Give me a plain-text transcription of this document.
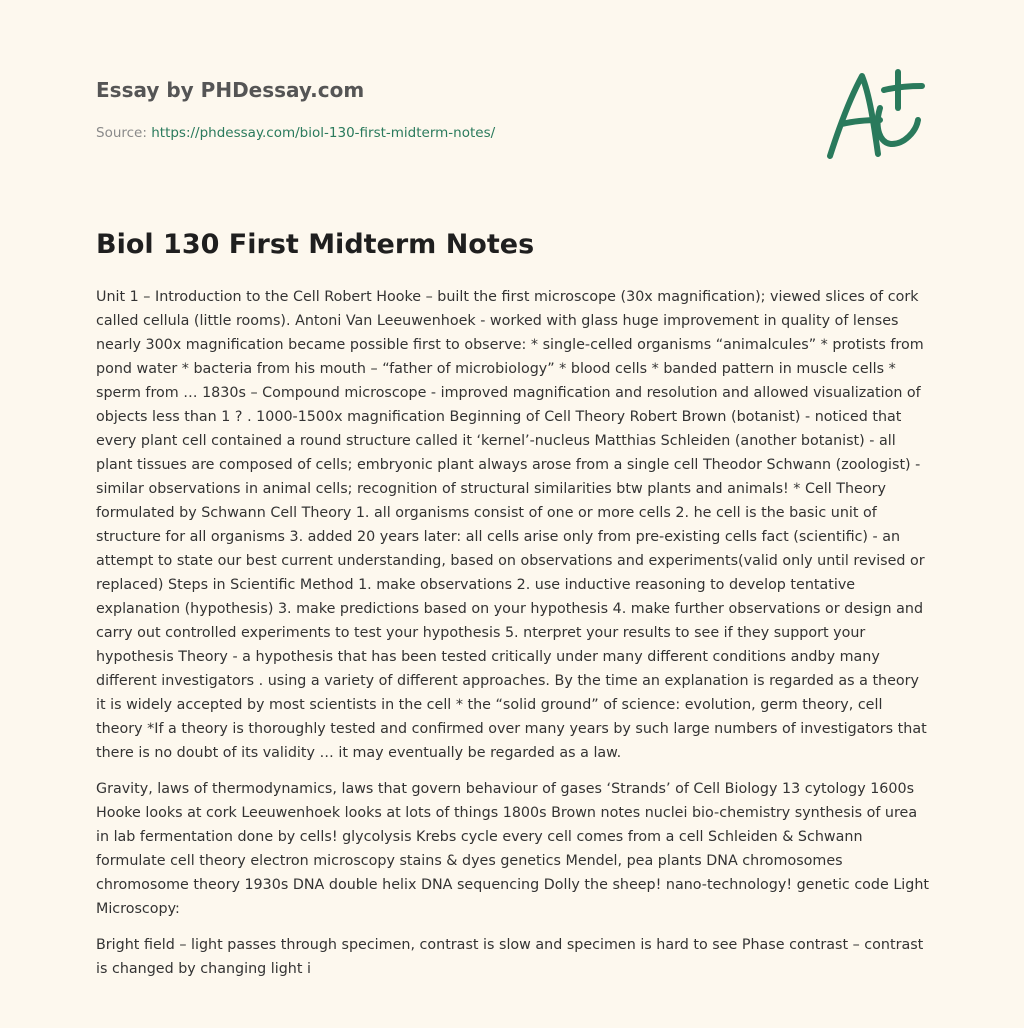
Essay by PHDessay.com
Source: https://phdessay.com/biol-130-first-midterm-notes/
Biol 130 First Midterm Notes

Unit 1 – Introduction to the Cell Robert Hooke – built the first microscope (30x magnification); viewed slices of cork called cellula (little rooms). Antoni Van Leeuwenhoek - worked with glass huge improvement in quality of lenses nearly 300x magnification became possible first to observe: * single-celled organisms “animalcules” * protists from pond water * bacteria from his mouth – “father of microbiology” * blood cells * banded pattern in muscle cells * sperm from … 1830s – Compound microscope - improved magnification and resolution and allowed visualization of objects less than 1 ? . 1000-1500x magnification Beginning of Cell Theory Robert Brown (botanist) - noticed that every plant cell contained a round structure called it ‘kernel’-nucleus Matthias Schleiden (another botanist) - all plant tissues are composed of cells; embryonic plant always arose from a single cell Theodor Schwann (zoologist) - similar observations in animal cells; recognition of structural similarities btw plants and animals! * Cell Theory formulated by Schwann Cell Theory 1. all organisms consist of one or more cells 2. he cell is the basic unit of structure for all organisms 3. added 20 years later: all cells arise only from pre-existing cells fact (scientific) - an attempt to state our best current understanding, based on observations and experiments(valid only until revised or replaced) Steps in Scientific Method 1. make observations 2. use inductive reasoning to develop tentative explanation (hypothesis) 3. make predictions based on your hypothesis 4. make further observations or design and carry out controlled experiments to test your hypothesis 5. nterpret your results to see if they support your hypothesis Theory - a hypothesis that has been tested critically under many different conditions andby many different investigators . using a variety of different approaches. By the time an explanation is regarded as a theory it is widely accepted by most scientists in the cell * the “solid ground” of science: evolution, germ theory, cell theory *If a theory is thoroughly tested and confirmed over many years by such large numbers of investigators that there is no doubt of its validity … it may eventually be regarded as a law.

Gravity, laws of thermodynamics, laws that govern behaviour of gases ‘Strands’ of Cell Biology 13 cytology 1600s Hooke looks at cork Leeuwenhoek looks at lots of things 1800s Brown notes nuclei bio-chemistry synthesis of urea in lab fermentation done by cells! glycolysis Krebs cycle every cell comes from a cell Schleiden & Schwann formulate cell theory electron microscopy stains & dyes genetics Mendel, pea plants DNA chromosomes chromosome theory 1930s DNA double helix DNA sequencing Dolly the sheep! nano-technology! genetic code Light Microscopy:

Bright field – light passes through specimen, contrast is slow and specimen is hard to see Phase contrast – contrast is changed by changing light i
